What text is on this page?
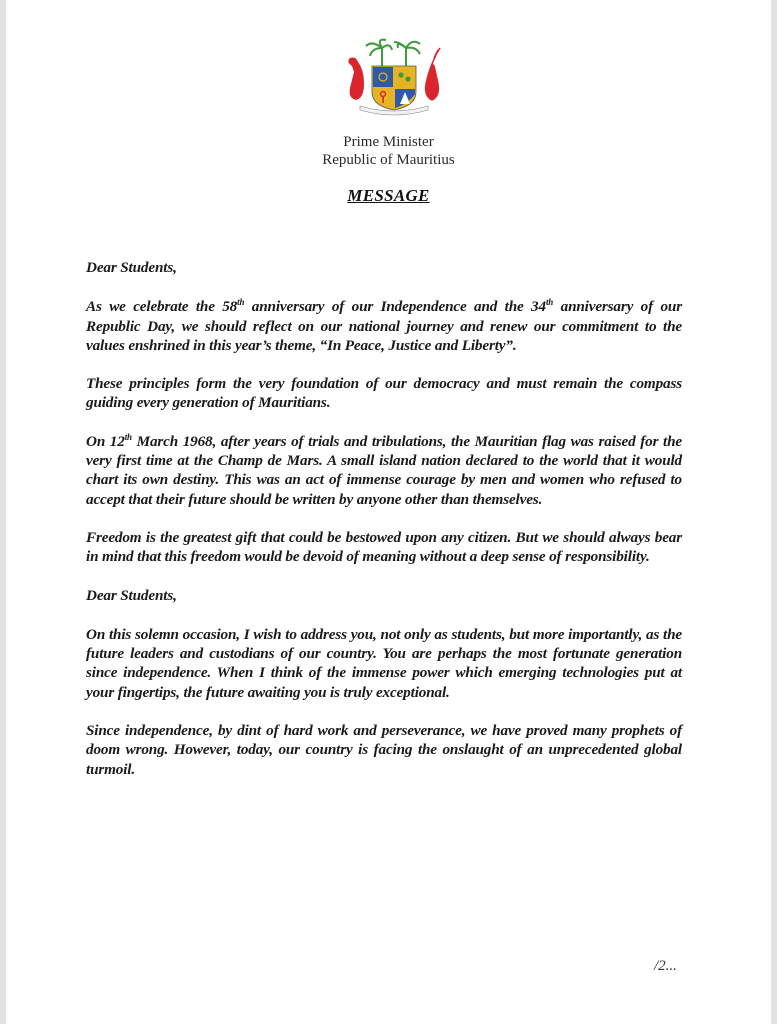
Prime Minister
Republic of Mauritius
MESSAGE

Dear Students,

As we celebrate the 58th anniversary of our Independence and the 34th anniversary of our Republic Day, we should reflect on our national journey and renew our commitment to the values enshrined in this year’s theme, “In Peace, Justice and Liberty”.

These principles form the very foundation of our democracy and must remain the compass guiding every generation of Mauritians.

On 12th March 1968, after years of trials and tribulations, the Mauritian flag was raised for the very first time at the Champ de Mars. A small island nation declared to the world that it would chart its own destiny. This was an act of immense courage by men and women who refused to accept that their future should be written by anyone other than themselves.

Freedom is the greatest gift that could be bestowed upon any citizen. But we should always bear in mind that this freedom would be devoid of meaning without a deep sense of responsibility.

Dear Students,

On this solemn occasion, I wish to address you, not only as students, but more importantly, as the future leaders and custodians of our country. You are perhaps the most fortunate generation since independence. When I think of the immense power which emerging technologies put at your fingertips, the future awaiting you is truly exceptional.

Since independence, by dint of hard work and perseverance, we have proved many prophets of doom wrong. However, today, our country is facing the onslaught of an unprecedented global turmoil.

/2...
